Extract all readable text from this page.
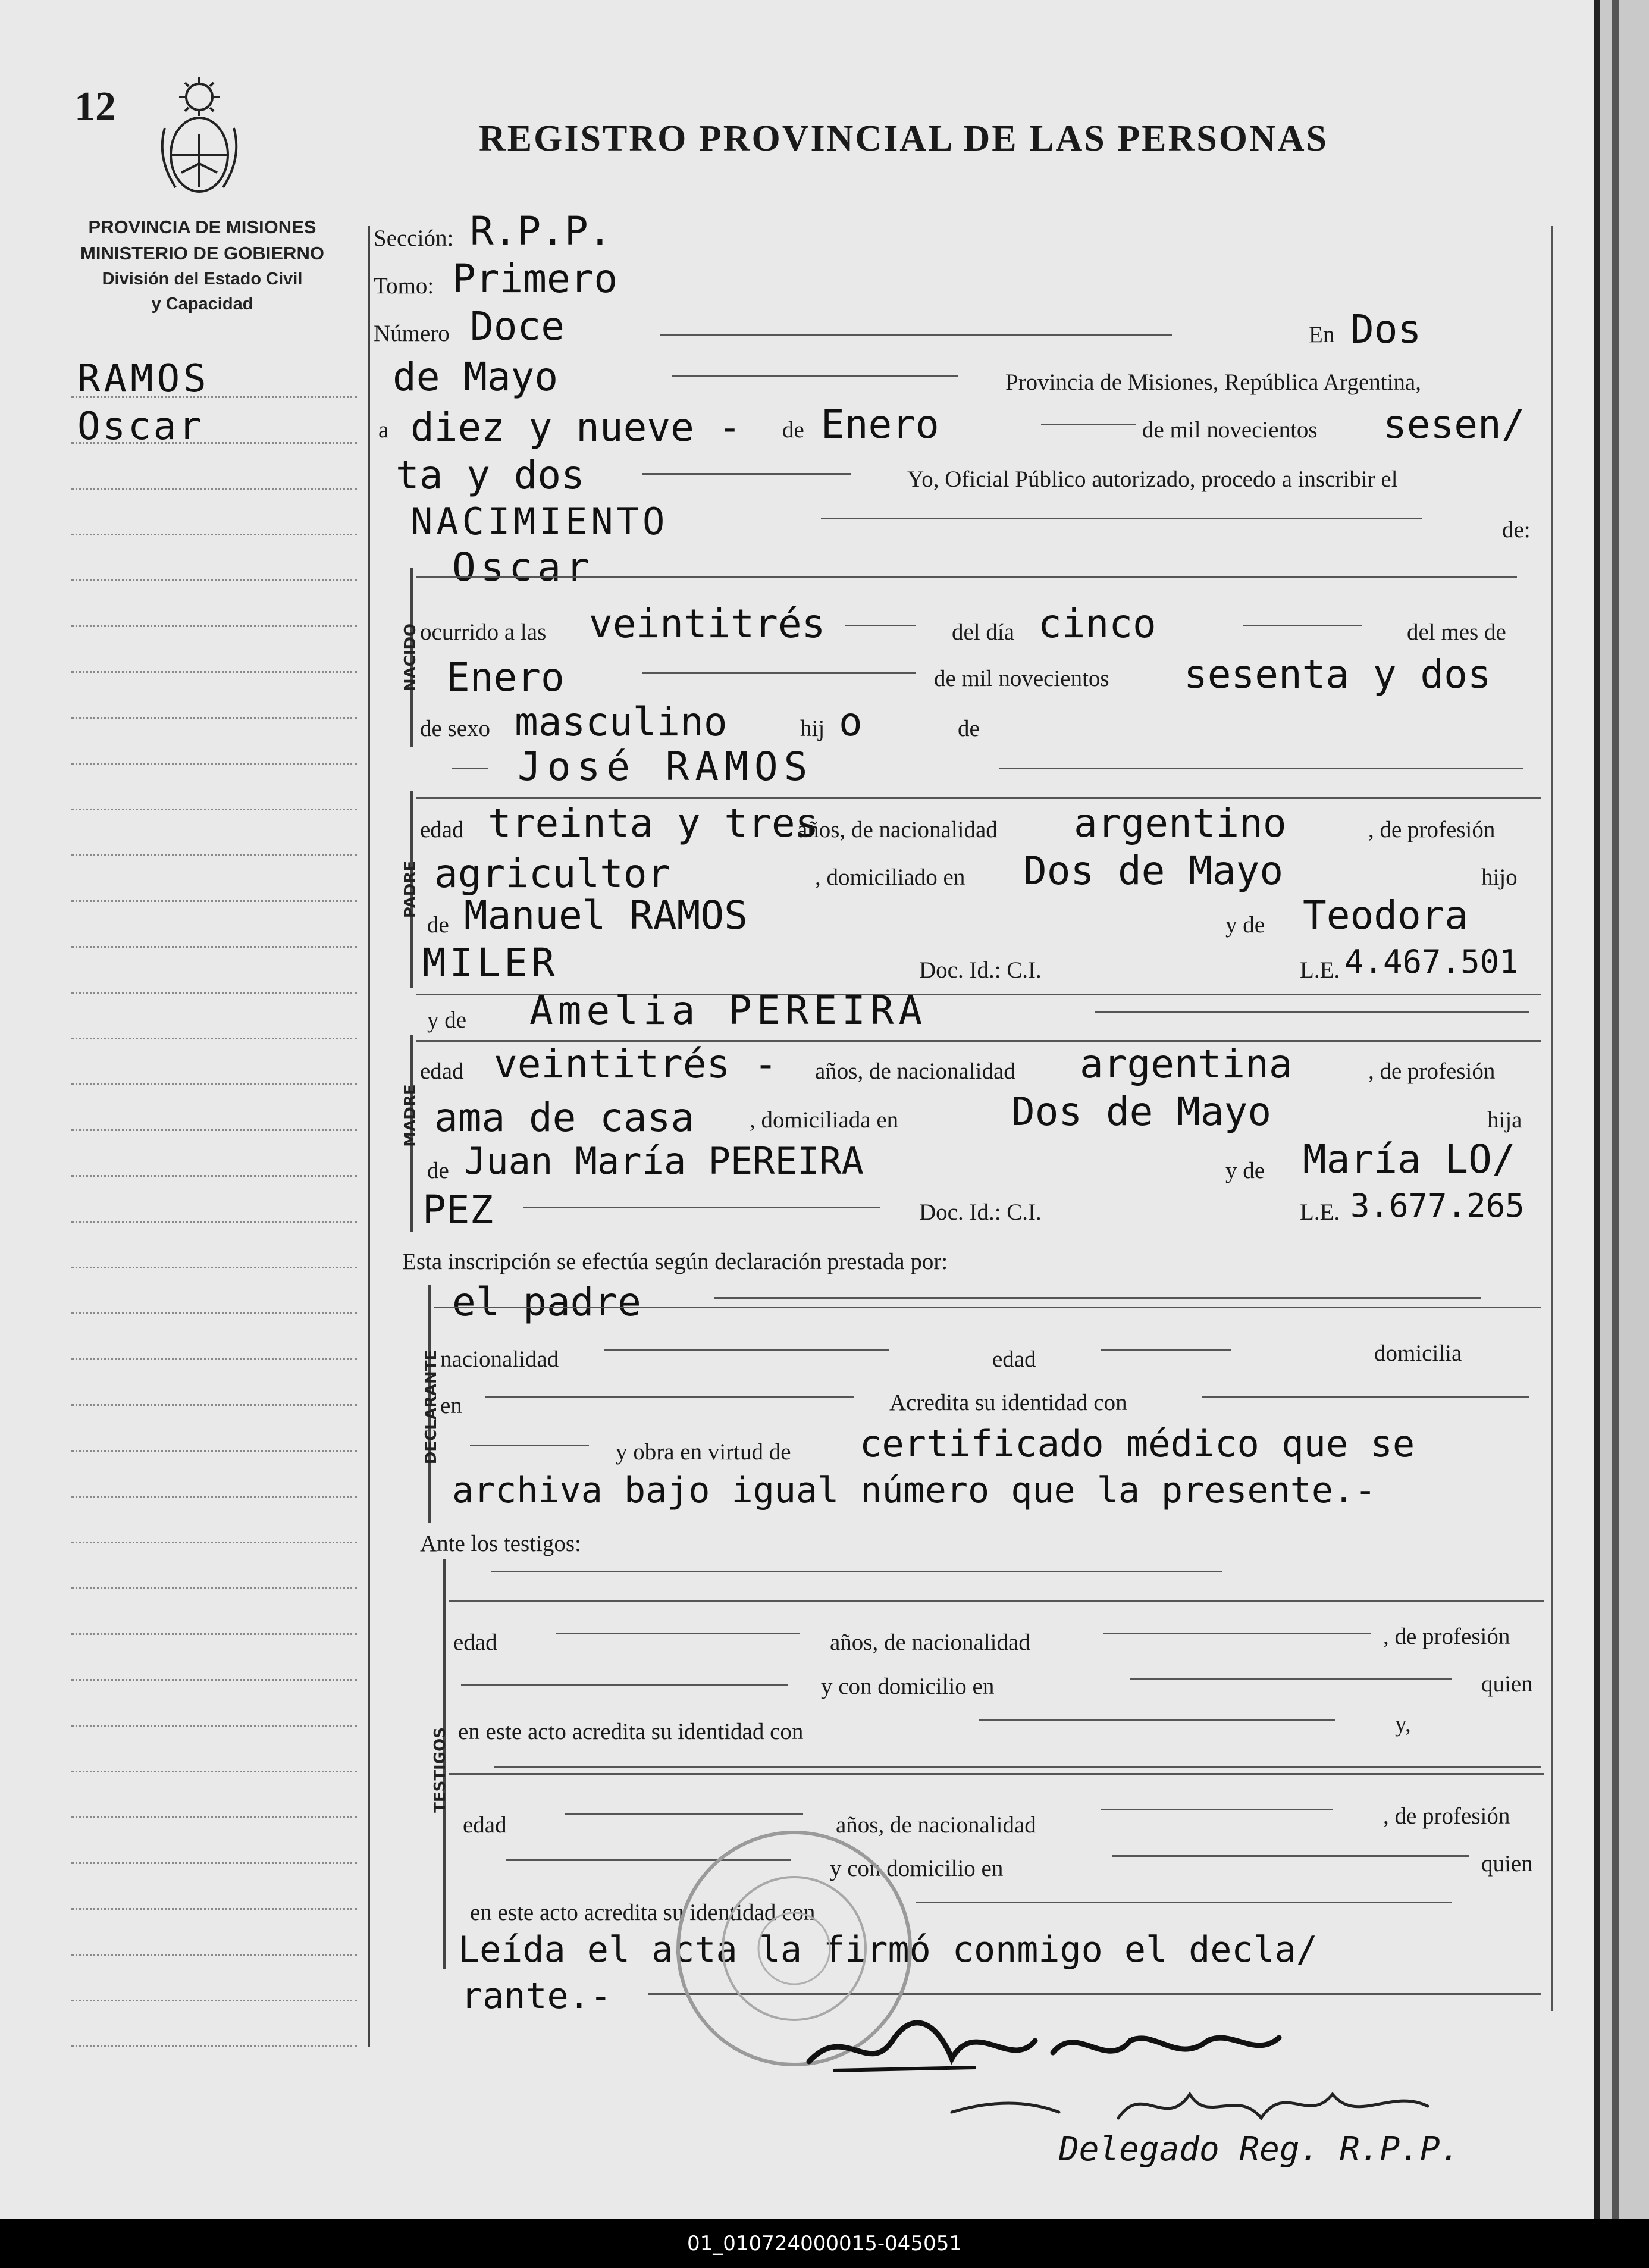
12
REGISTRO PROVINCIAL DE LAS PERSONAS
PROVINCIA DE MISIONES
MINISTERIO DE GOBIERNO
División del Estado Civil
y Capacidad
RAMOS
Oscar
Sección: R.P.P.
Tomo: Primero
Número Doce	En Dos
de Mayo	Provincia de Misiones, República Argentina,
a diez y nueve - de Enero	de mil novecientos sesen/
ta y dos	Yo, Oficial Público autorizado, procedo a inscribir el
NACIMIENTO	de:
Oscar
NACIDO ocurrido a las veintitrés	del día cinco	del mes de
Enero	de mil novecientos sesenta y dos
de sexo masculino	hij o	de
José RAMOS
PADRE
edad treinta y tres
años, de nacionalidad argentino	, de profesión
agricultor	, domiciliado en Dos de Mayo	hijo
de Manuel RAMOS	y de Teodora
MILER	Doc. Id.: C.I.	L.E. 4.467.501
y de Amelia PEREIRA
MADRE
edad veintitrés - años, de nacionalidad argentina	, de profesión
ama de casa , domiciliada en	Dos de Mayo	hija
de Juan María PEREIRA	y de María LO/
PEZ	Doc. Id.: C.I.	L.E. 3.677.265
Esta inscripción se efectúa según declaración prestada por:
DECLARANTE
el padre
nacionalidad	edad	domicilia
en	Acredita su identidad con
y obra en virtud de certificado médico que se
archiva bajo igual número que la presente.-
Ante los testigos:
TESTIGOS
edad	años, de nacionalidad	, de profesión
y con domicilio en	quien
en este acto acredita su identidad con	y,
edad	años, de nacionalidad	, de profesión
y con domicilio en	quien
en este acto acredita su identidad con
Leída el acta la firmó conmigo el decla/
rante.-
Delegado Reg. R.P.P.
01_010724000015-045051
